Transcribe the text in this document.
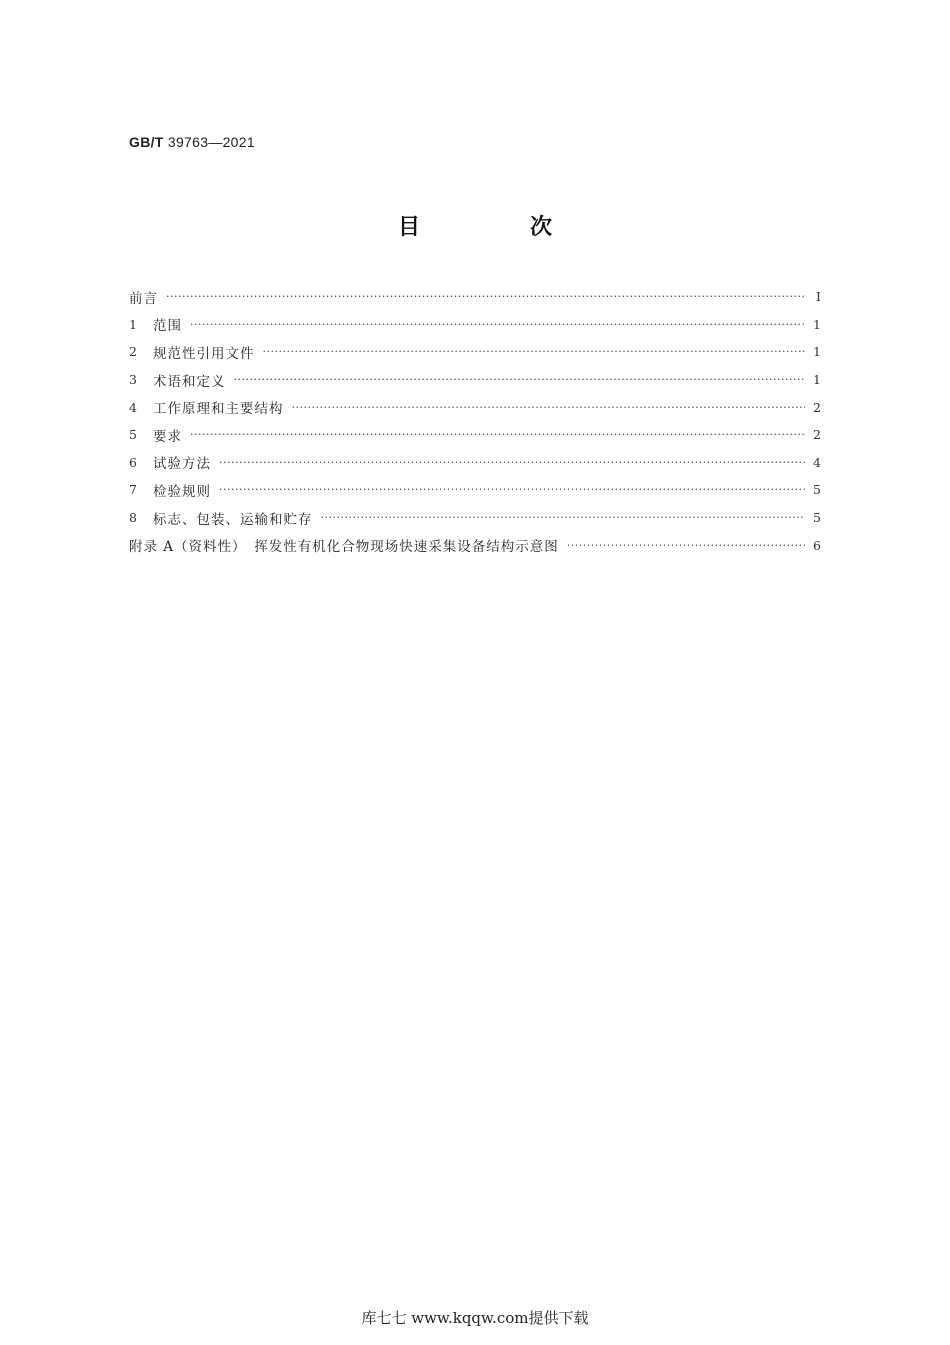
GB/T 39763—2021
目　次
前言 ·····	Ⅰ
1	范围 ·····	1
2	规范性引用文件 ·····	1
3	术语和定义 ·····	1
4	工作原理和主要结构 ·····	2
5	要求 ·····	2
6	试验方法 ·····	4
7	检验规则 ·····	5
8	标志、包装、运输和贮存 ·····	5
附录 A（资料性）　挥发性有机化合物现场快速采集设备结构示意图 ·····	6
库七七 www.kqqw.com提供下载
